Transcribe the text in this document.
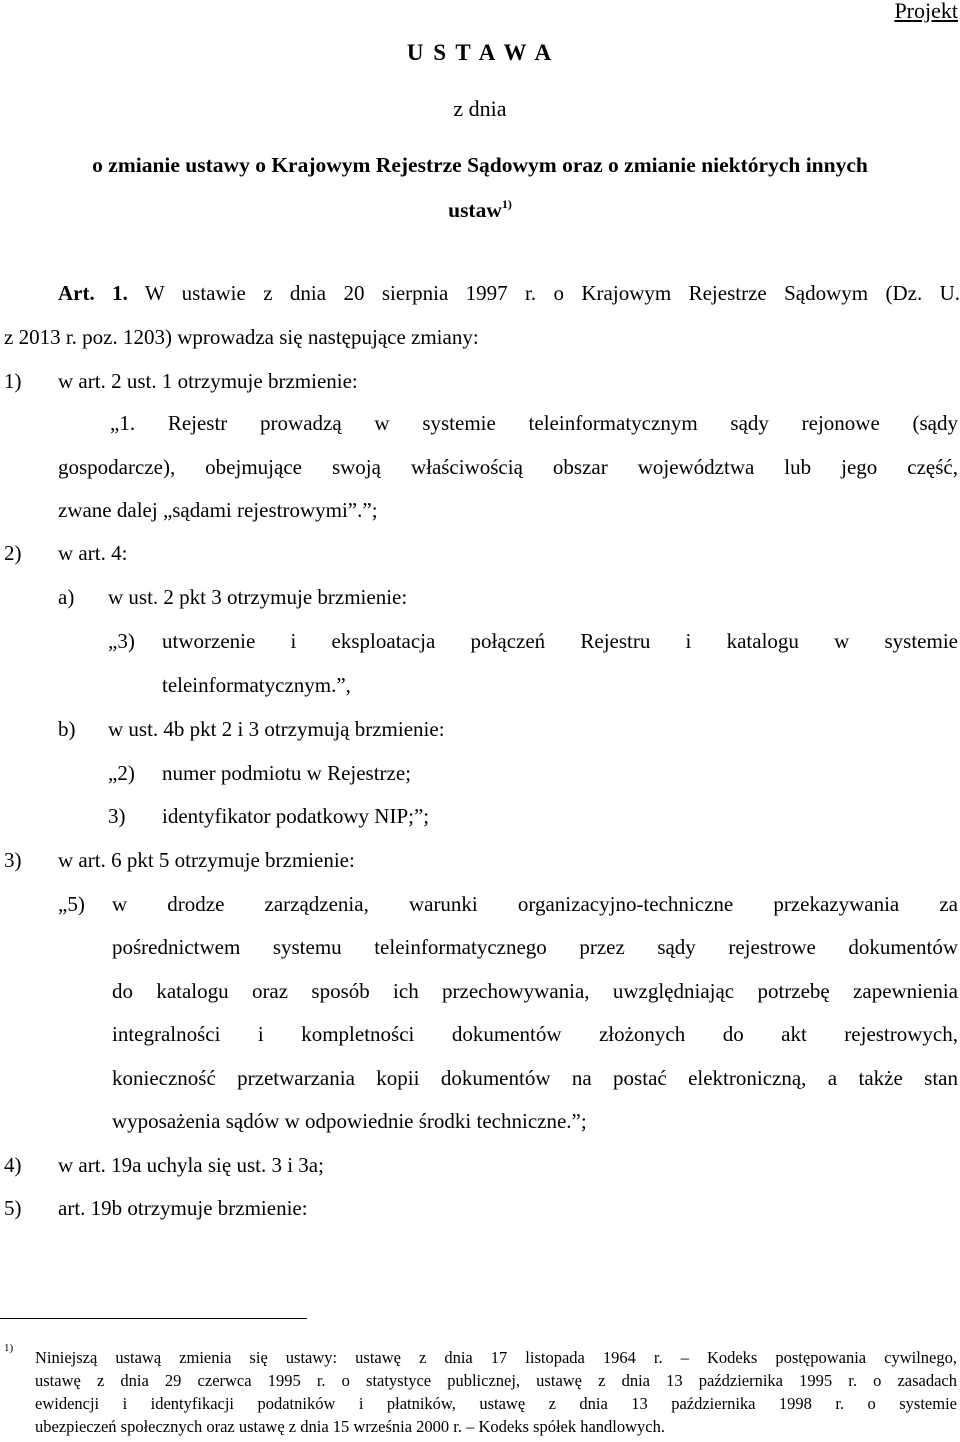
Projekt
U S T A W A
z dnia
o zmianie ustawy o Krajowym Rejestrze Sądowym oraz o zmianie niektórych innych
ustaw$^{1)}$
Art. 1. W ustawie z dnia 20 sierpnia 1997 r. o Krajowym Rejestrze Sądowym (Dz. U.
z 2013 r. poz. 1203) wprowadza się następujące zmiany:
1) w art. 2 ust. 1 otrzymuje brzmienie:
„1. Rejestr prowadzą w systemie teleinformatycznym sądy rejonowe (sądy
gospodarcze), obejmujące swoją właściwością obszar województwa lub jego część,
zwane dalej „sądami rejestrowymi”.”;
2) w art. 4:
a) w ust. 2 pkt 3 otrzymuje brzmienie:
„3) utworzenie i eksploatacja połączeń Rejestru i katalogu w systemie
teleinformatycznym.”,
b) w ust. 4b pkt 2 i 3 otrzymują brzmienie:
„2) numer podmiotu w Rejestrze;
3) identyfikator podatkowy NIP;”;
3) w art. 6 pkt 5 otrzymuje brzmienie:
„5) w drodze zarządzenia, warunki organizacyjno-techniczne przekazywania za
pośrednictwem systemu teleinformatycznego przez sądy rejestrowe dokumentów
do katalogu oraz sposób ich przechowywania, uwzględniając potrzebę zapewnienia
integralności i kompletności dokumentów złożonych do akt rejestrowych,
konieczność przetwarzania kopii dokumentów na postać elektroniczną, a także stan
wyposażenia sądów w odpowiednie środki techniczne.”;
4) w art. 19a uchyla się ust. 3 i 3a;
5) art. 19b otrzymuje brzmienie:
1) Niniejszą ustawą zmienia się ustawy: ustawę z dnia 17 listopada 1964 r. – Kodeks postępowania cywilnego,
ustawę z dnia 29 czerwca 1995 r. o statystyce publicznej, ustawę z dnia 13 października 1995 r. o zasadach
ewidencji i identyfikacji podatników i płatników, ustawę z dnia 13 października 1998 r. o systemie
ubezpieczeń społecznych oraz ustawę z dnia 15 września 2000 r. – Kodeks spółek handlowych.
